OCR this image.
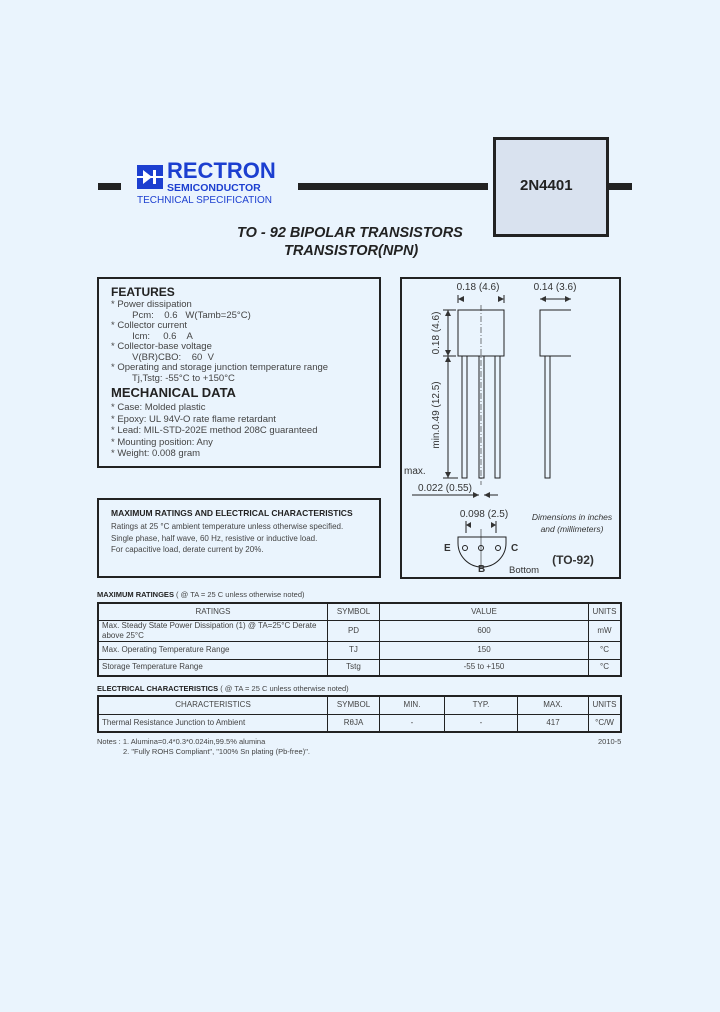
RECTRON
SEMICONDUCTOR
TECHNICAL SPECIFICATION
2N4401
TO - 92 BIPOLAR TRANSISTORS
TRANSISTOR(NPN)
FEATURES
* Power dissipation
Pcm:    0.6   W(Tamb=25°C)
* Collector current
Icm:     0.6    A
* Collector-base voltage
V(BR)CBO:    60  V
* Operating and storage junction temperature range
Tj,Tstg: -55°C to +150°C
MECHANICAL DATA
* Case: Molded plastic
* Epoxy: UL 94V-O rate flame retardant
* Lead: MIL-STD-202E method 208C guaranteed
* Mounting position: Any
* Weight: 0.008 gram
MAXIMUM RATINGS AND ELECTRICAL CHARACTERISTICS
Ratings at 25 °C ambient temperature unless otherwise specified.
Single phase, half wave, 60 Hz, resistive or inductive load.
For capacitive load, derate current by 20%.
0.18 (4.6)	0.14 (3.6)
0.18 (4.6)
min.0.49 (12.5)
max.
0.022 (0.55)
0.098 (2.5)
E	C
B	Bottom
Dimensions in inches
and (millimeters)
(TO-92)
MAXIMUM RATINGES ( @ TA = 25 C unless otherwise noted)
RATINGS	SYMBOL	VALUE	UNITS
Max. Steady State Power Dissipation (1) @ TA=25°C Derate above 25°C	PD	600	mW
Max. Operating Temperature Range	TJ	150	°C
Storage Temperature Range	Tstg	-55 to +150	°C
ELECTRICAL CHARACTERISTICS ( @ TA = 25 C unless otherwise noted)
CHARACTERISTICS	SYMBOL	MIN.	TYP.	MAX.	UNITS
Thermal Resistance Junction to Ambient	RθJA	-	-	417	°C/W
Notes : 1. Alumina=0.4*0.3*0.024in,99.5% alumina
2. "Fully ROHS Compliant", "100% Sn plating (Pb-free)".
2010-5
